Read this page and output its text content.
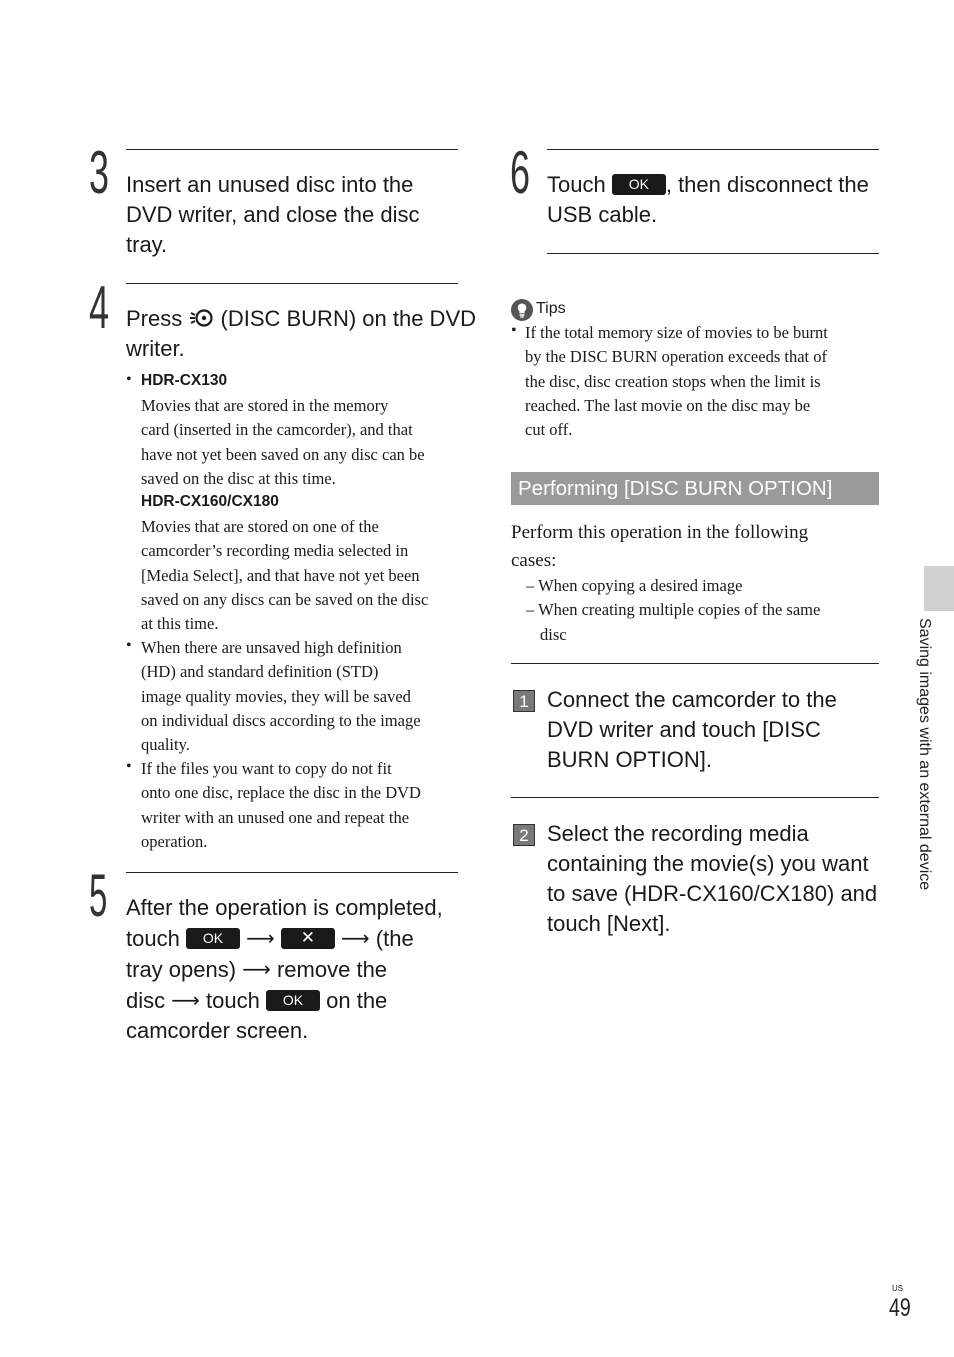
3 Insert an unused disc into the
DVD writer, and close the disc
tray.
4 Press (DISC BURN) on the DVD
writer.
• HDR-CX130
Movies that are stored in the memory
card (inserted in the camcorder), and that
have not yet been saved on any disc can be
saved on the disc at this time.
HDR-CX160/CX180
Movies that are stored on one of the
camcorder’s recording media selected in
[Media Select], and that have not yet been
saved on any discs can be saved on the disc
at this time.
• When there are unsaved high definition
(HD) and standard definition (STD)
image quality movies, they will be saved
on individual discs according to the image
quality.
• If the files you want to copy do not fit
onto one disc, replace the disc in the DVD
writer with an unused one and repeat the
operation.
5 After the operation is completed,
touch OK ⟶ ✕ ⟶ (the
tray opens) ⟶ remove the
disc ⟶ touch OK on the
camcorder screen.
6 Touch OK , then disconnect the
USB cable.
Tips
• If the total memory size of movies to be burnt
by the DISC BURN operation exceeds that of
the disc, disc creation stops when the limit is
reached. The last movie on the disc may be
cut off.
Performing [DISC BURN OPTION]
Perform this operation in the following
cases:
– When copying a desired image
– When creating multiple copies of the same
disc
1 Connect the camcorder to the
DVD writer and touch [DISC
BURN OPTION].
2 Select the recording media
containing the movie(s) you want
to save (HDR-CX160/CX180) and
touch [Next].
Saving images with an external device
US
49
